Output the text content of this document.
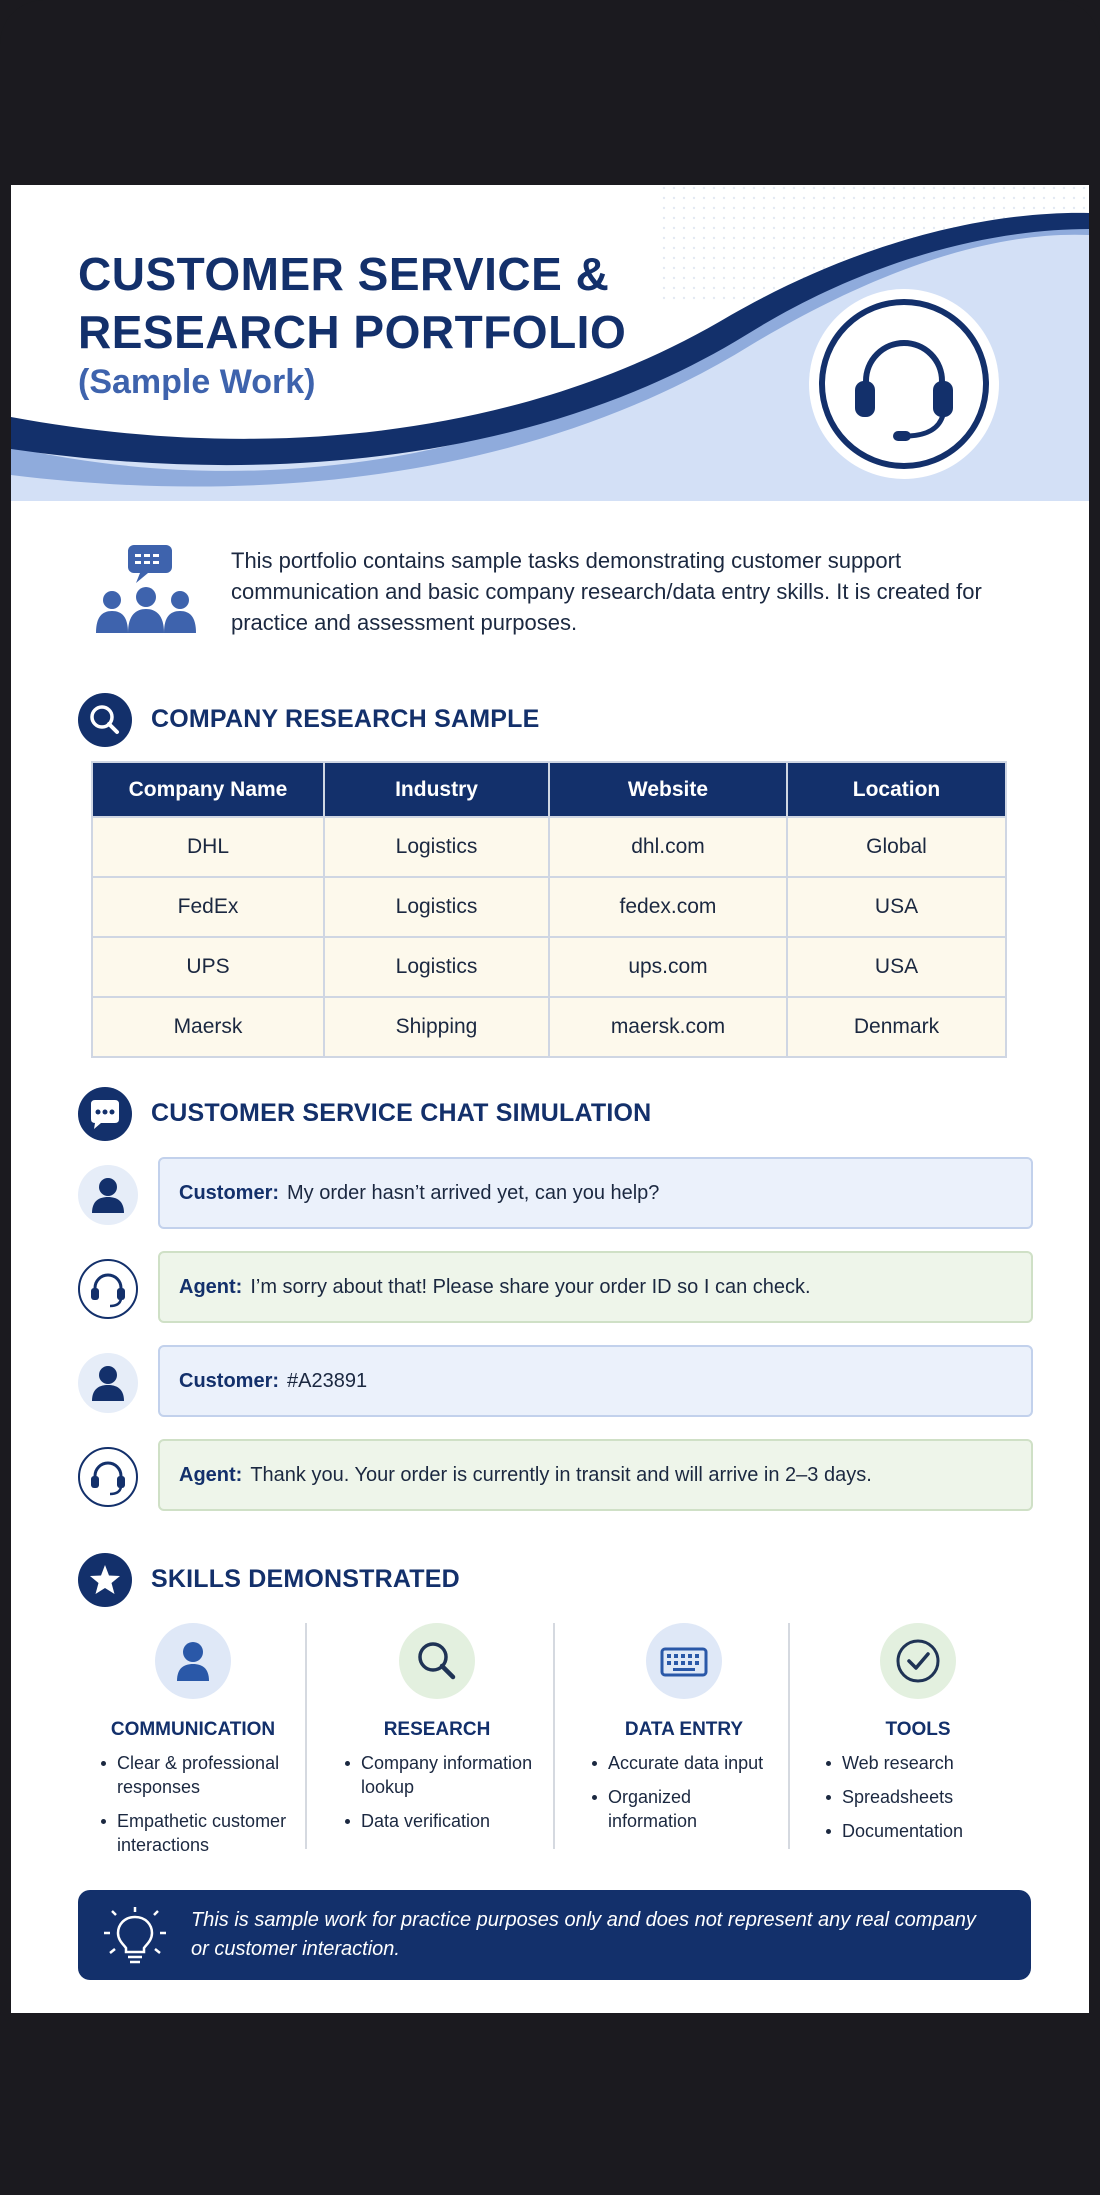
CUSTOMER SERVICE &
RESEARCH PORTFOLIO

(Sample Work)

This portfolio contains sample tasks demonstrating customer support communication and basic company research/data entry skills. It is created for practice and assessment purposes.

COMPANY RESEARCH SAMPLE
Company Name	Industry	Website	Location
DHL	Logistics	dhl.com	Global
FedEx	Logistics	fedex.com	USA
UPS	Logistics	ups.com	USA
Maersk	Shipping	maersk.com	Denmark
CUSTOMER SERVICE CHAT SIMULATION
Customer: My order hasn’t arrived yet, can you help?
Agent: I’m sorry about that! Please share your order ID so I can check.
Customer: #A23891
Agent: Thank you. Your order is currently in transit and will arrive in 2–3 days.
SKILLS DEMONSTRATED

COMMUNICATION

Clear & professional responses
Empathetic customer interactions

RESEARCH

Company information lookup
Data verification

DATA ENTRY

Accurate data input
Organized information

TOOLS

Web research
Spreadsheets
Documentation

This is sample work for practice purposes only and does not represent any real company or customer interaction.
